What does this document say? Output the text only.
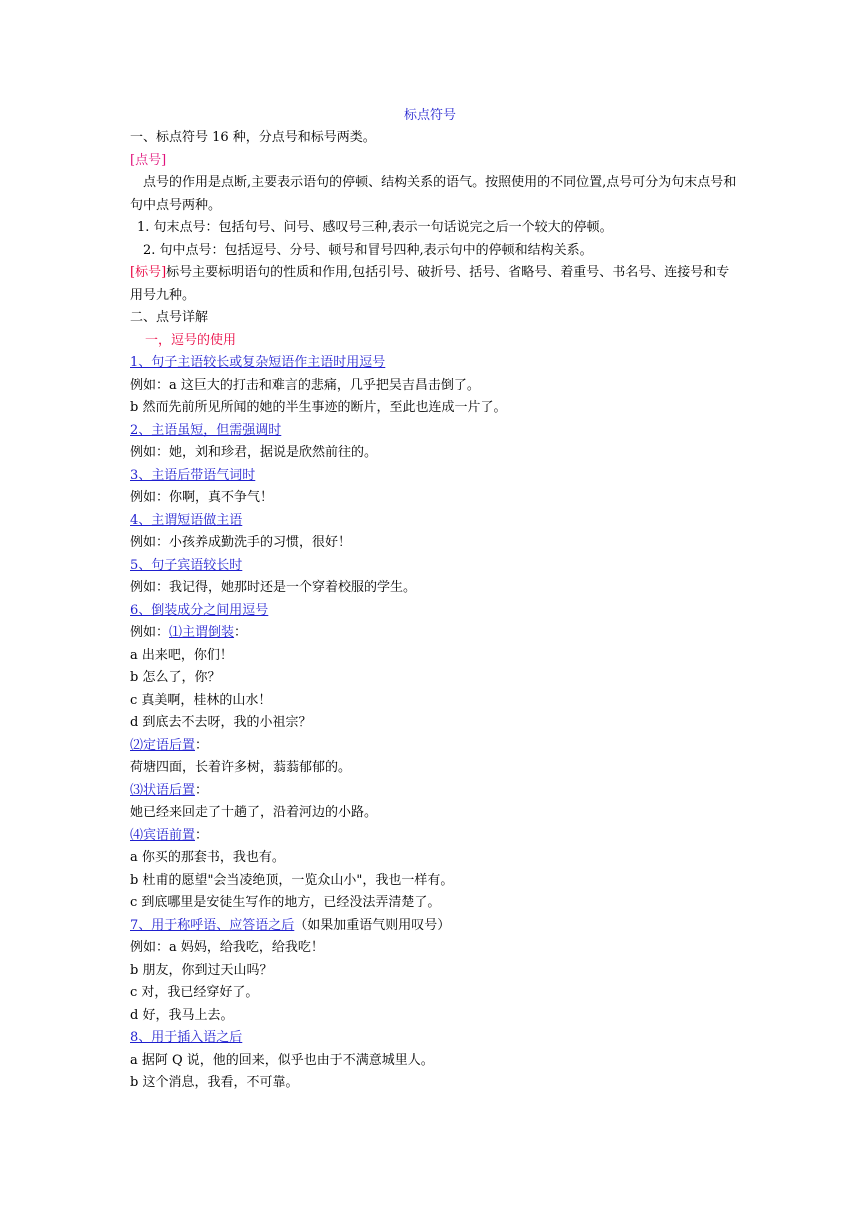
标点符号
一、标点符号 16 种，分点号和标号两类。
[点号]
点号的作用是点断,主要表示语句的停顿、结构关系的语气。按照使用的不同位置,点号可分为句末点号和句中点号两种。
1. 句末点号：包括句号、问号、感叹号三种,表示一句话说完之后一个较大的停顿。
2. 句中点号：包括逗号、分号、顿号和冒号四种,表示句中的停顿和结构关系。
[标号]标号主要标明语句的性质和作用,包括引号、破折号、括号、省略号、着重号、书名号、连接号和专用号九种。
二、点号详解
一，逗号的使用
1、句子主语较长或复杂短语作主语时用逗号
例如：a 这巨大的打击和难言的悲痛，几乎把吴吉昌击倒了。
b 然而先前所见所闻的她的半生事迹的断片，至此也连成一片了。
2、主语虽短，但需强调时
例如：她，刘和珍君，据说是欣然前往的。
3、主语后带语气词时
例如：你啊，真不争气！
4、主谓短语做主语
例如：小孩养成勤洗手的习惯，很好！
5、句子宾语较长时
例如：我记得，她那时还是一个穿着校服的学生。
6、倒装成分之间用逗号
例如：⑴主谓倒装：
a 出来吧，你们！
b 怎么了，你？
c 真美啊，桂林的山水！
d 到底去不去呀，我的小祖宗？
⑵定语后置：
荷塘四面，长着许多树，蓊蓊郁郁的。
⑶状语后置：
她已经来回走了十趟了，沿着河边的小路。
⑷宾语前置：
a 你买的那套书，我也有。
b 杜甫的愿望"会当凌绝顶，一览众山小"，我也一样有。
c 到底哪里是安徒生写作的地方，已经没法弄清楚了。
7、用于称呼语、应答语之后（如果加重语气则用叹号）
例如：a 妈妈，给我吃，给我吃！
b 朋友，你到过天山吗？
c 对，我已经穿好了。
d 好，我马上去。
8、用于插入语之后
a 据阿 Q 说，他的回来，似乎也由于不满意城里人。
b 这个消息，我看，不可靠。
